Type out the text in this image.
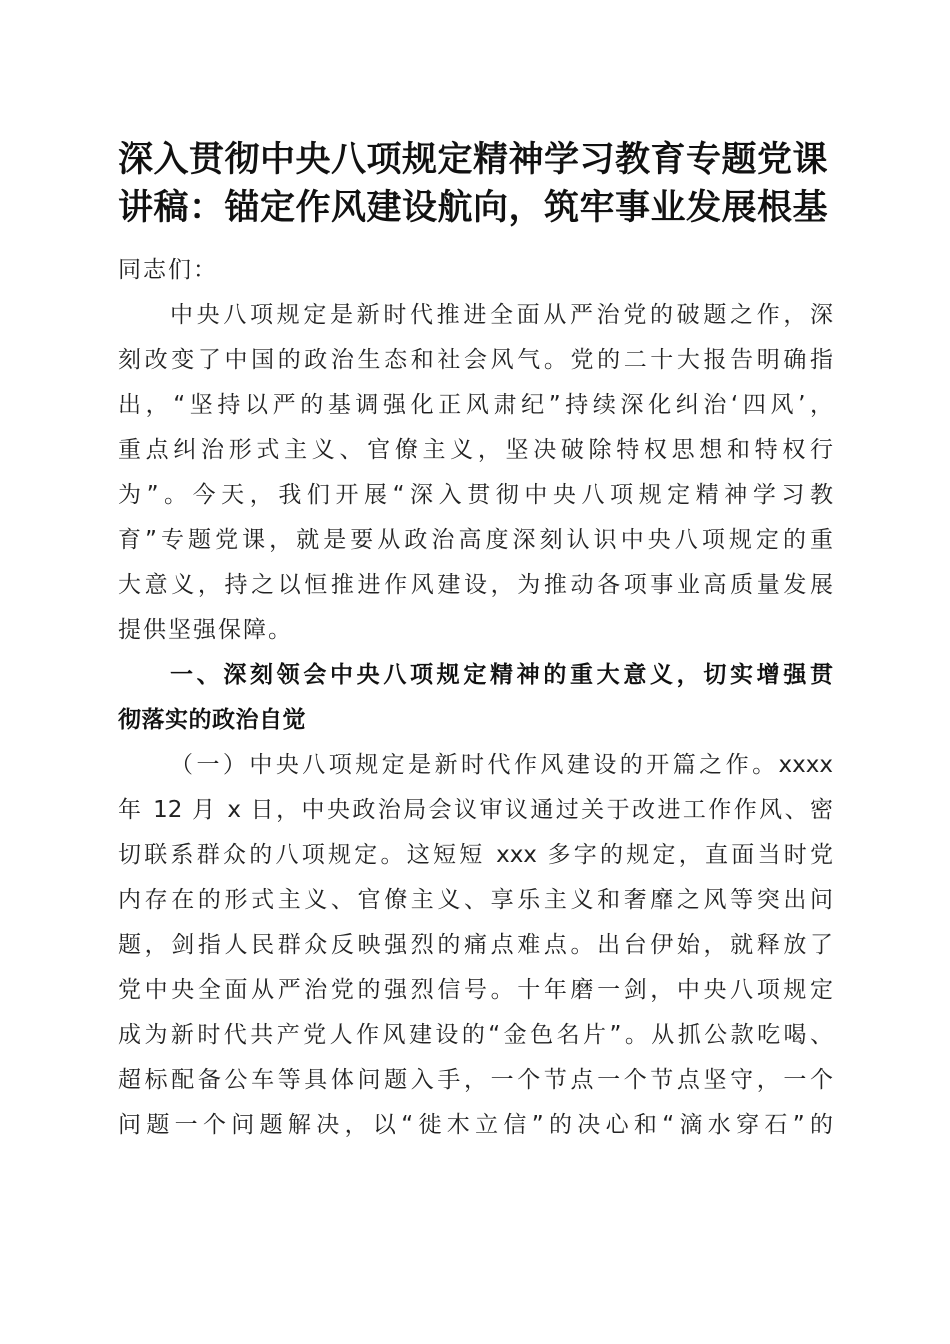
深入贯彻中央八项规定精神学习教育专题党课
讲稿：锚定作风建设航向，筑牢事业发展根基
同志们：
中央八项规定是新时代推进全面从严治党的破题之作，深
刻改变了中国的政治生态和社会风气。党的二十大报告明确指
出，“坚持以严的基调强化正风肃纪”持续深化纠治‘四风’，
重点纠治形式主义、官僚主义，坚决破除特权思想和特权行
为”。今天，我们开展“深入贯彻中央八项规定精神学习教
育”专题党课，就是要从政治高度深刻认识中央八项规定的重
大意义，持之以恒推进作风建设，为推动各项事业高质量发展
提供坚强保障。
一、深刻领会中央八项规定精神的重大意义，切实增强贯
彻落实的政治自觉
（一）中央八项规定是新时代作风建设的开篇之作。xxxx
年 12 月 x 日，中央政治局会议审议通过关于改进工作作风、密
切联系群众的八项规定。这短短 xxx 多字的规定，直面当时党
内存在的形式主义、官僚主义、享乐主义和奢靡之风等突出问
题，剑指人民群众反映强烈的痛点难点。出台伊始，就释放了
党中央全面从严治党的强烈信号。十年磨一剑，中央八项规定
成为新时代共产党人作风建设的“金色名片”。从抓公款吃喝、
超标配备公车等具体问题入手，一个节点一个节点坚守，一个
问题一个问题解决，以“徙木立信”的决心和“滴水穿石”的
